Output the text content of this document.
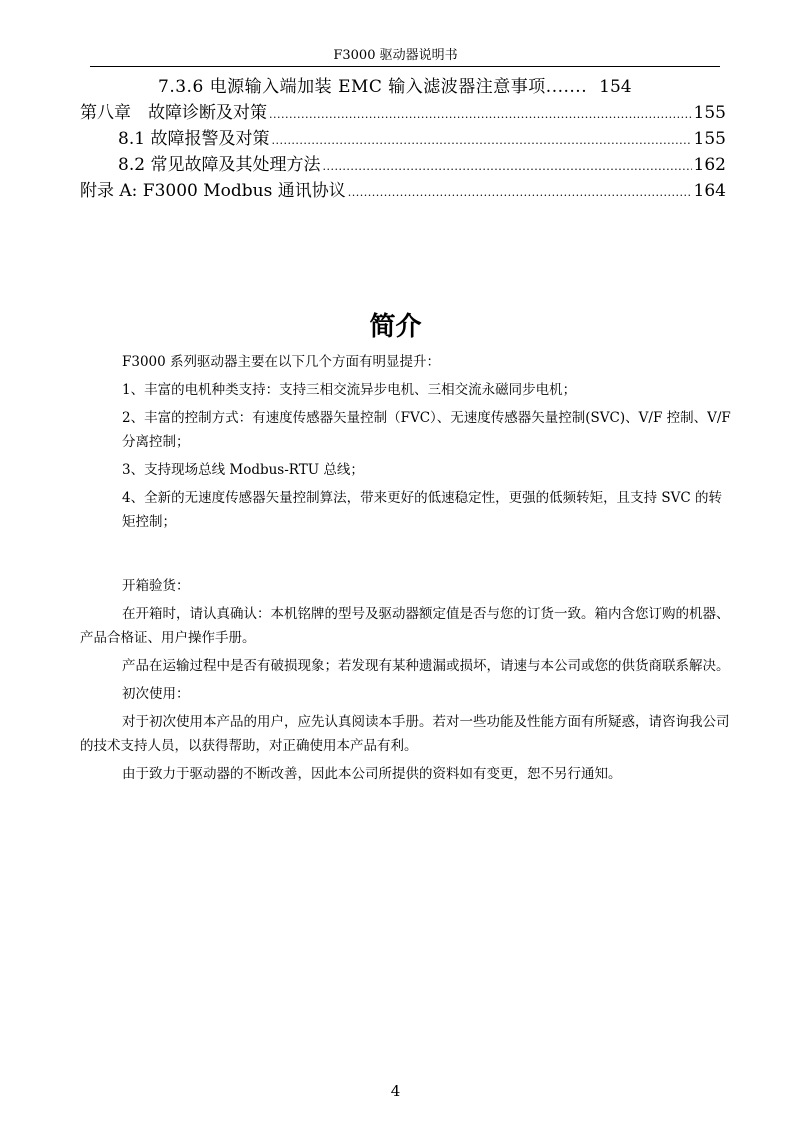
F3000 驱动器说明书
7.3.6 电源输入端加装 EMC 输入滤波器注意事项....... 154
第八章　故障诊断及对策 .....	155
8.1 故障报警及对策 .....	155
8.2 常见故障及其处理方法 .....	162
附录 A: F3000 Modbus 通讯协议 .....	164
简介

F3000 系列驱动器主要在以下几个方面有明显提升：

1、丰富的电机种类支持：支持三相交流异步电机、三相交流永磁同步电机；

2、丰富的控制方式：有速度传感器矢量控制（FVC）、无速度传感器矢量控制(SVC)、V/F 控制、V/F 分离控制；

3、支持现场总线 Modbus-RTU 总线；

4、全新的无速度传感器矢量控制算法，带来更好的低速稳定性，更强的低频转矩，且支持 SVC 的转矩控制；

开箱验货：

在开箱时，请认真确认：本机铭牌的型号及驱动器额定值是否与您的订货一致。箱内含您订购的机器、产品合格证、用户操作手册。

产品在运输过程中是否有破损现象；若发现有某种遗漏或损坏，请速与本公司或您的供货商联系解决。

初次使用：

对于初次使用本产品的用户，应先认真阅读本手册。若对一些功能及性能方面有所疑惑，请咨询我公司的技术支持人员，以获得帮助，对正确使用本产品有利。

由于致力于驱动器的不断改善，因此本公司所提供的资料如有变更，恕不另行通知。

4
